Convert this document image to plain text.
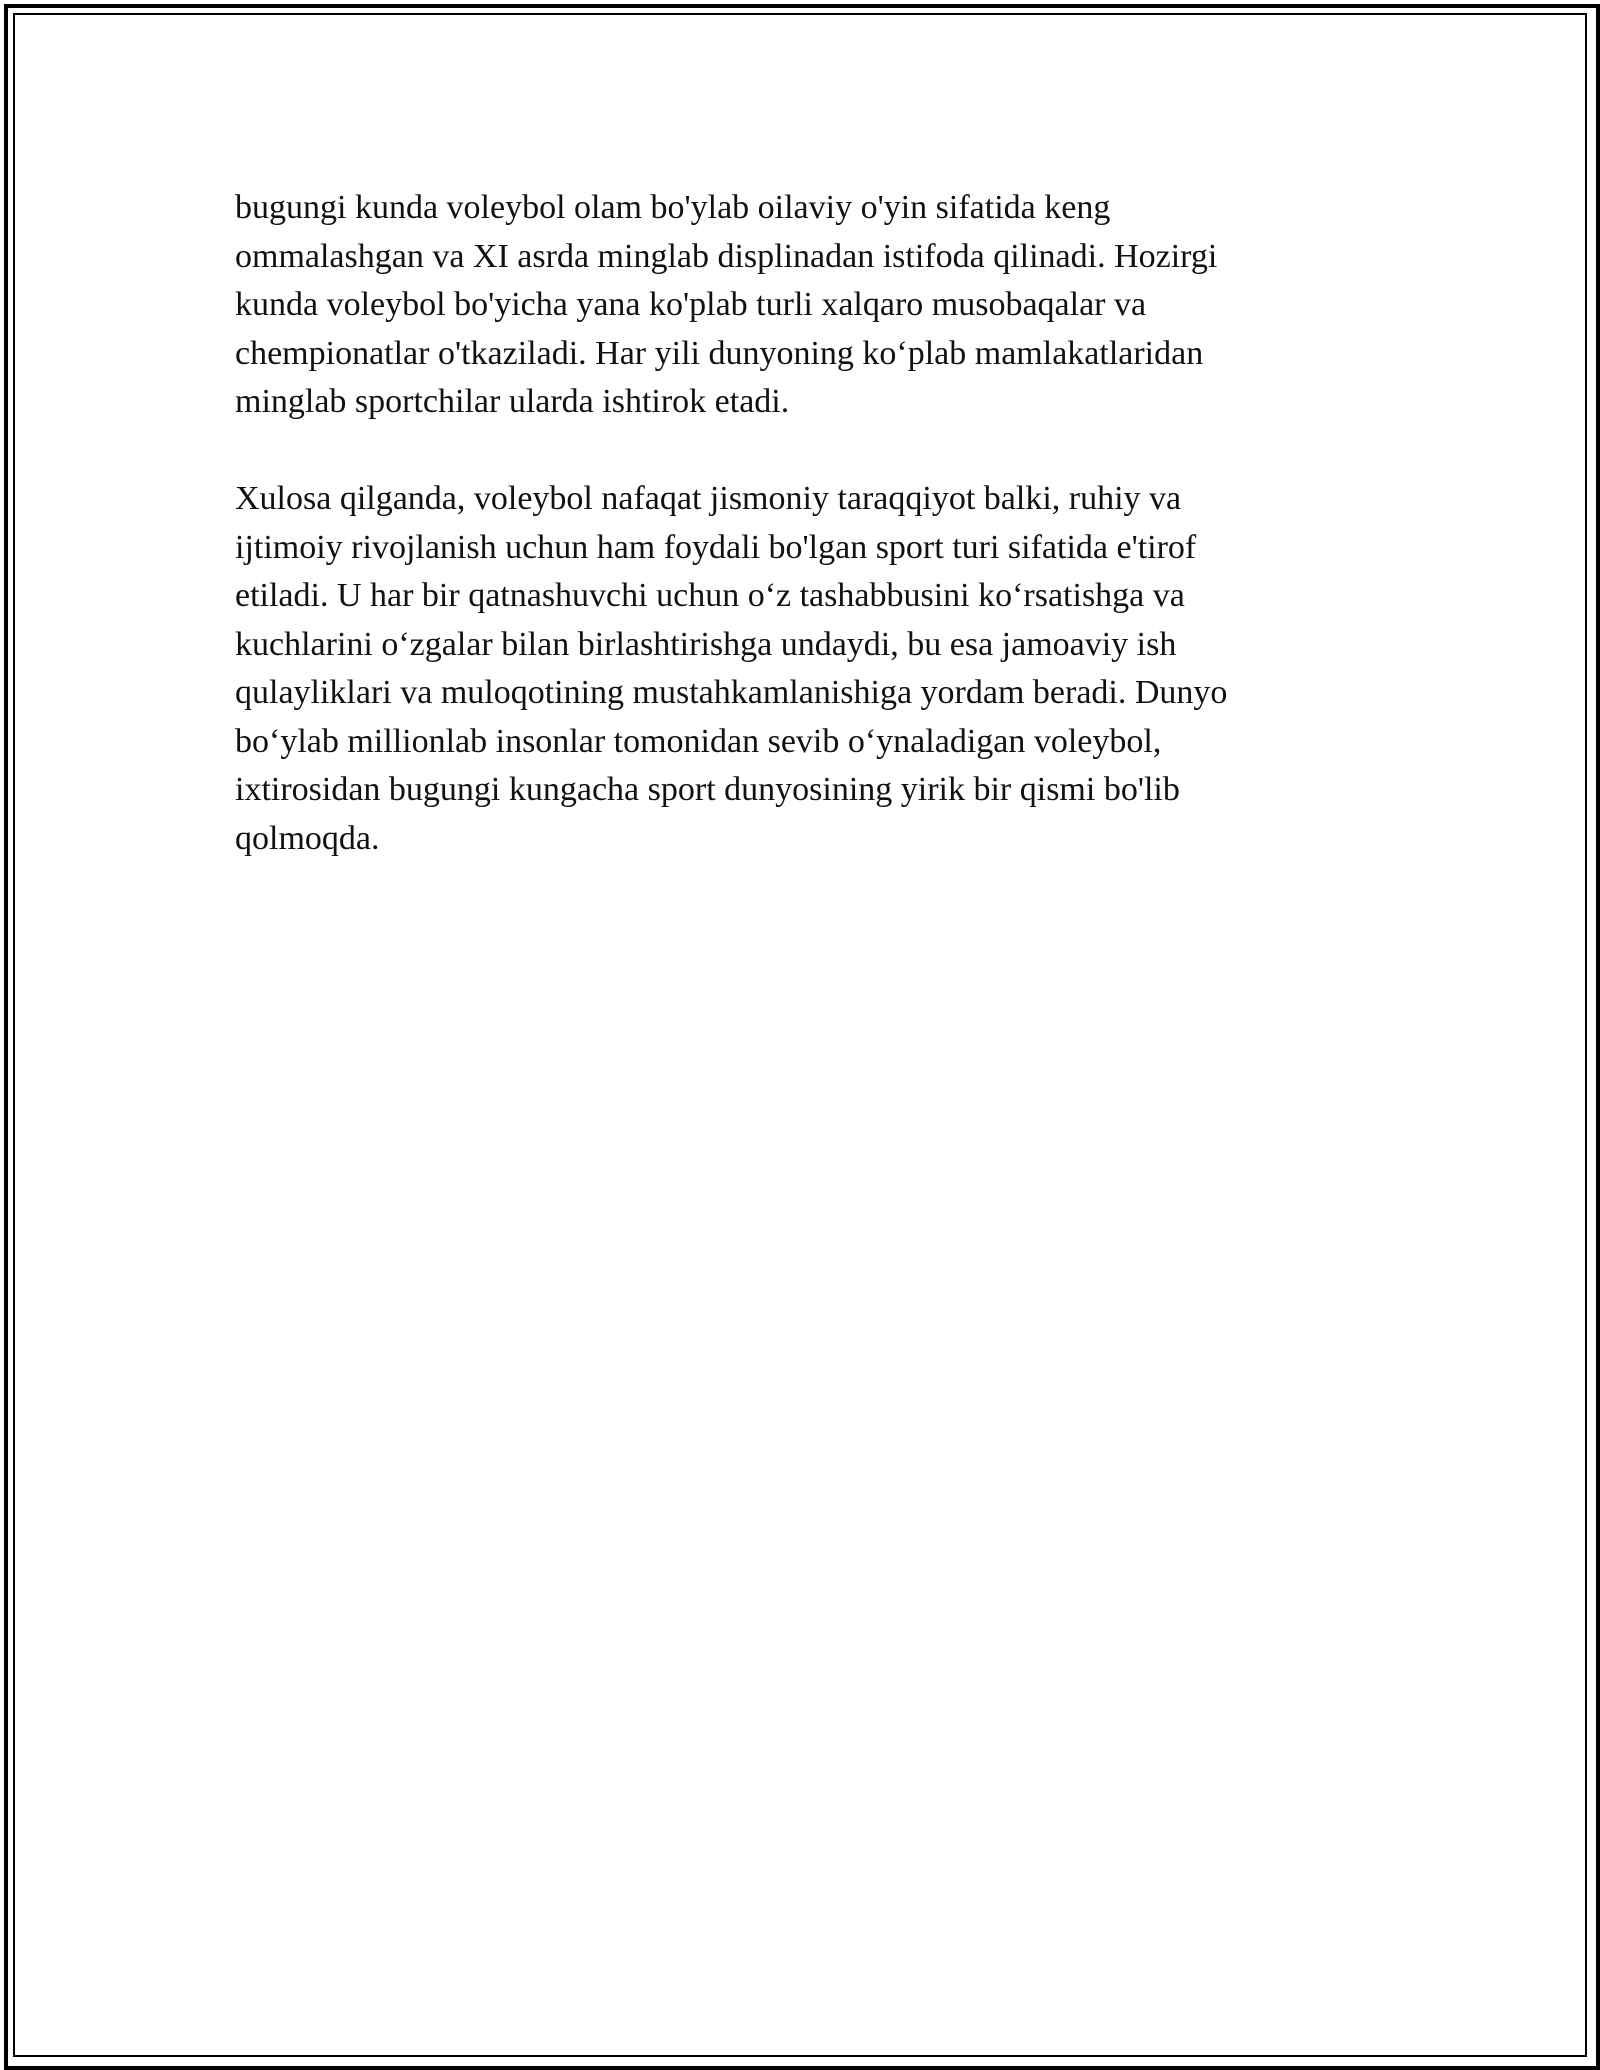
bugungi kunda voleybol olam bo'ylab oilaviy o'yin sifatida keng
ommalashgan va XI asrda minglab displinadan istifoda qilinadi. Hozirgi
kunda voleybol bo'yicha yana ko'plab turli xalqaro musobaqalar va
chempionatlar o'tkaziladi. Har yili dunyoning ko‘plab mamlakatlaridan
minglab sportchilar ularda ishtirok etadi.

Xulosa qilganda, voleybol nafaqat jismoniy taraqqiyot balki, ruhiy va
ijtimoiy rivojlanish uchun ham foydali bo'lgan sport turi sifatida e'tirof
etiladi. U har bir qatnashuvchi uchun o‘z tashabbusini ko‘rsatishga va
kuchlarini o‘zgalar bilan birlashtirishga undaydi, bu esa jamoaviy ish
qulayliklari va muloqotining mustahkamlanishiga yordam beradi. Dunyo
bo‘ylab millionlab insonlar tomonidan sevib o‘ynaladigan voleybol,
ixtirosidan bugungi kungacha sport dunyosining yirik bir qismi bo'lib
qolmoqda.
